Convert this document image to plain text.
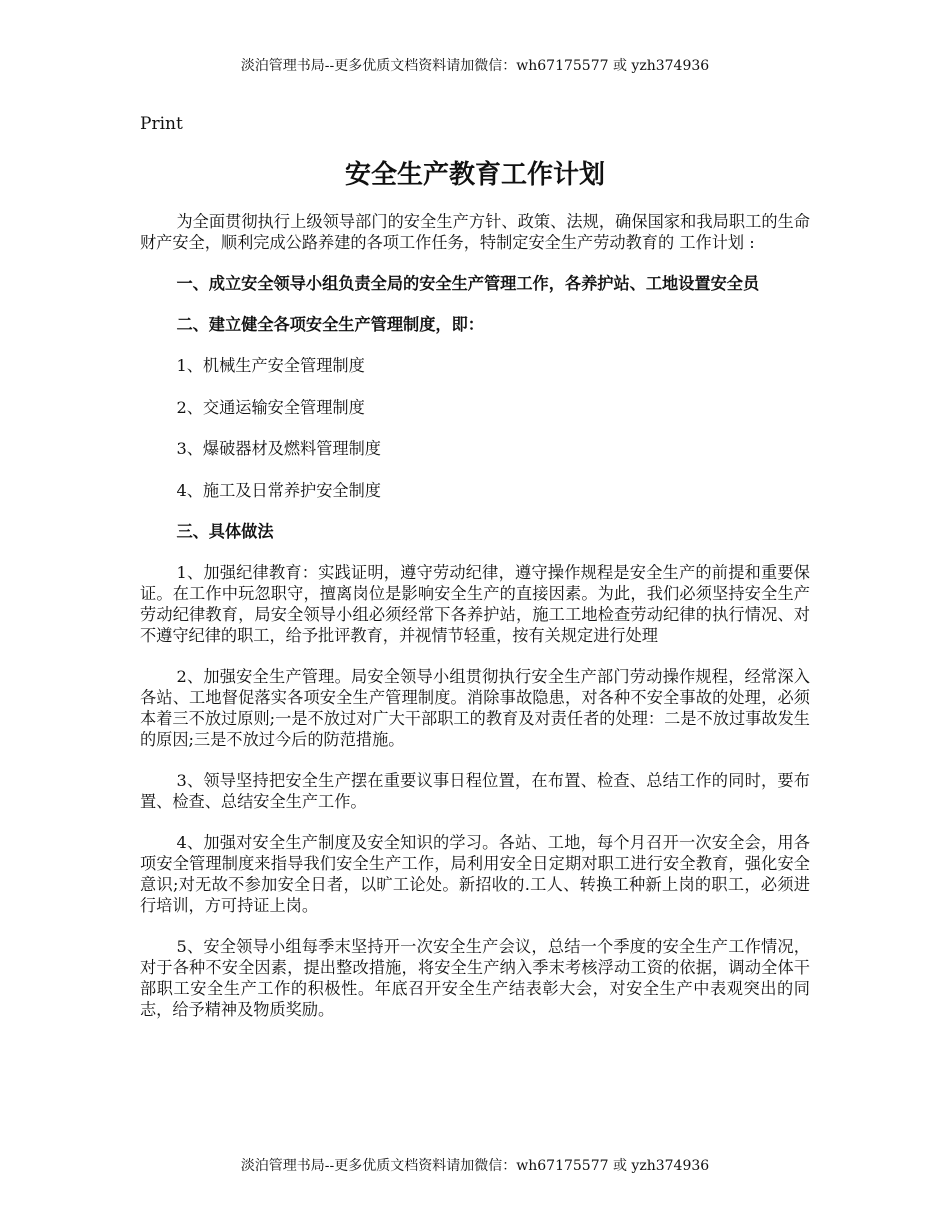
淡泊管理书局--更多优质文档资料请加微信：wh67175577 或 yzh374936
Print
安全生产教育工作计划

为全面贯彻执行上级领导部门的安全生产方针、政策、法规，确保国家和我局职工的生命财产安全，顺利完成公路养建的各项工作任务，特制定安全生产劳动教育的 工作计划 :

一、成立安全领导小组负责全局的安全生产管理工作，各养护站、工地设置安全员

二、建立健全各项安全生产管理制度，即：

1、机械生产安全管理制度

2、交通运输安全管理制度

3、爆破器材及燃料管理制度

4、施工及日常养护安全制度

三、具体做法

1、加强纪律教育：实践证明，遵守劳动纪律，遵守操作规程是安全生产的前提和重要保证。在工作中玩忽职守，擅离岗位是影响安全生产的直接因素。为此，我们必须坚持安全生产劳动纪律教育，局安全领导小组必须经常下各养护站，施工工地检查劳动纪律的执行情况、对不遵守纪律的职工，给予批评教育，并视情节轻重，按有关规定进行处理

2、加强安全生产管理。局安全领导小组贯彻执行安全生产部门劳动操作规程，经常深入各站、工地督促落实各项安全生产管理制度。消除事故隐患，对各种不安全事故的处理，必须本着三不放过原则;一是不放过对广大干部职工的教育及对责任者的处理：二是不放过事故发生的原因;三是不放过今后的防范措施。

3、领导坚持把安全生产摆在重要议事日程位置，在布置、检查、总结工作的同时，要布置、检查、总结安全生产工作。

4、加强对安全生产制度及安全知识的学习。各站、工地，每个月召开一次安全会，用各项安全管理制度来指导我们安全生产工作，局利用安全日定期对职工进行安全教育，强化安全意识;对无故不参加安全日者，以旷工论处。新招收的.工人、转换工种新上岗的职工，必须进行培训，方可持证上岗。

5、安全领导小组每季末坚持开一次安全生产会议，总结一个季度的安全生产工作情况，对于各种不安全因素，提出整改措施，将安全生产纳入季末考核浮动工资的依据，调动全体干部职工安全生产工作的积极性。年底召开安全生产结表彰大会，对安全生产中表观突出的同志，给予精神及物质奖励。

淡泊管理书局--更多优质文档资料请加微信：wh67175577 或 yzh374936
